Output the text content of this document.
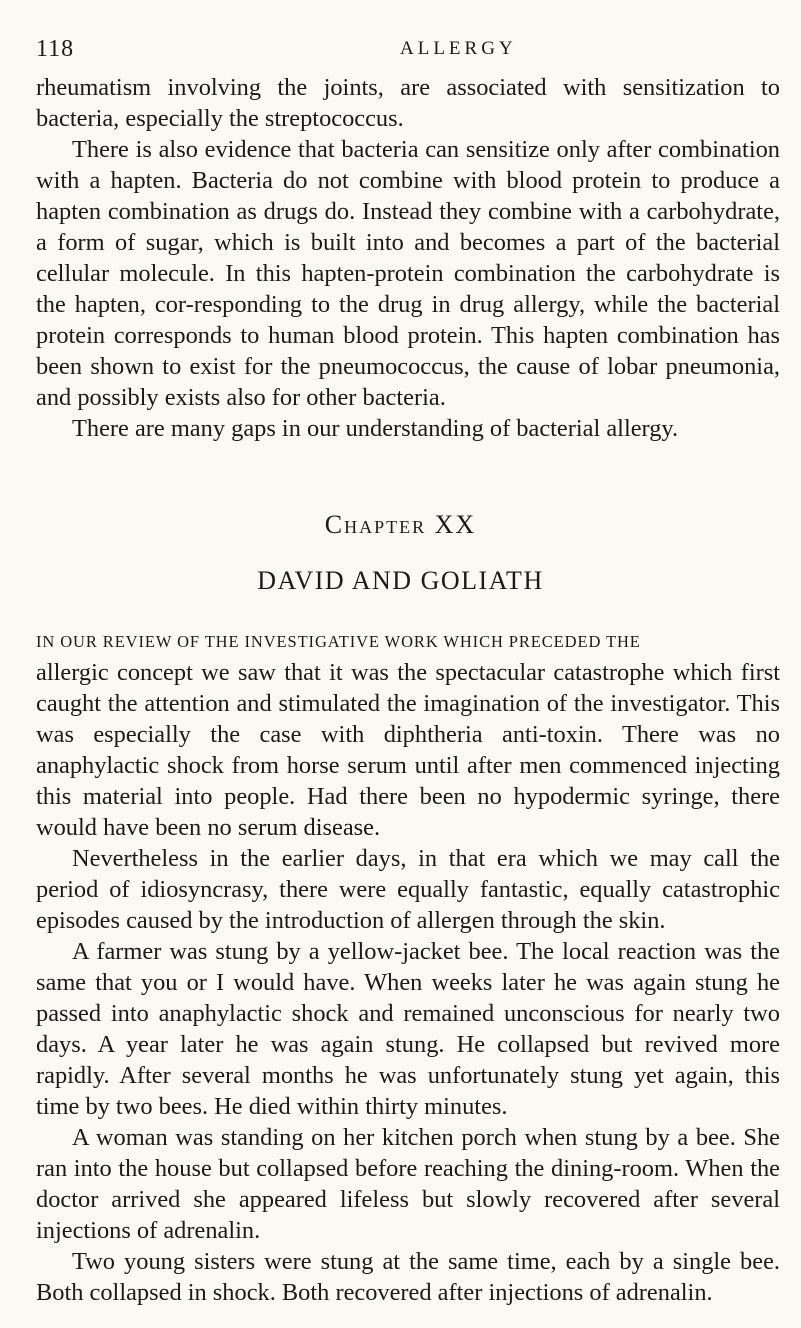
118	ALLERGY

rheumatism involving the joints, are associated with sensitization to bacteria, especially the streptococcus.

There is also evidence that bacteria can sensitize only after combination with a hapten. Bacteria do not combine with blood protein to produce a hapten combination as drugs do. Instead they combine with a carbohydrate, a form of sugar, which is built into and becomes a part of the bacterial cellular molecule. In this hapten-protein combination the carbohydrate is the hapten, cor-responding to the drug in drug allergy, while the bacterial protein corresponds to human blood protein. This hapten combination has been shown to exist for the pneumococcus, the cause of lobar pneumonia, and possibly exists also for other bacteria.

There are many gaps in our understanding of bacterial allergy.

Chapter XX
DAVID AND GOLIATH

IN OUR REVIEW OF THE INVESTIGATIVE WORK WHICH PRECEDED THE

allergic concept we saw that it was the spectacular catastrophe which first caught the attention and stimulated the imagination of the investigator. This was especially the case with diphtheria anti-toxin. There was no anaphylactic shock from horse serum until after men commenced injecting this material into people. Had there been no hypodermic syringe, there would have been no serum disease.

Nevertheless in the earlier days, in that era which we may call the period of idiosyncrasy, there were equally fantastic, equally catastrophic episodes caused by the introduction of allergen through the skin.

A farmer was stung by a yellow-jacket bee. The local reaction was the same that you or I would have. When weeks later he was again stung he passed into anaphylactic shock and remained unconscious for nearly two days. A year later he was again stung. He collapsed but revived more rapidly. After several months he was unfortunately stung yet again, this time by two bees. He died within thirty minutes.

A woman was standing on her kitchen porch when stung by a bee. She ran into the house but collapsed before reaching the dining-room. When the doctor arrived she appeared lifeless but slowly recovered after several injections of adrenalin.

Two young sisters were stung at the same time, each by a single bee. Both collapsed in shock. Both recovered after injections of adrenalin.
